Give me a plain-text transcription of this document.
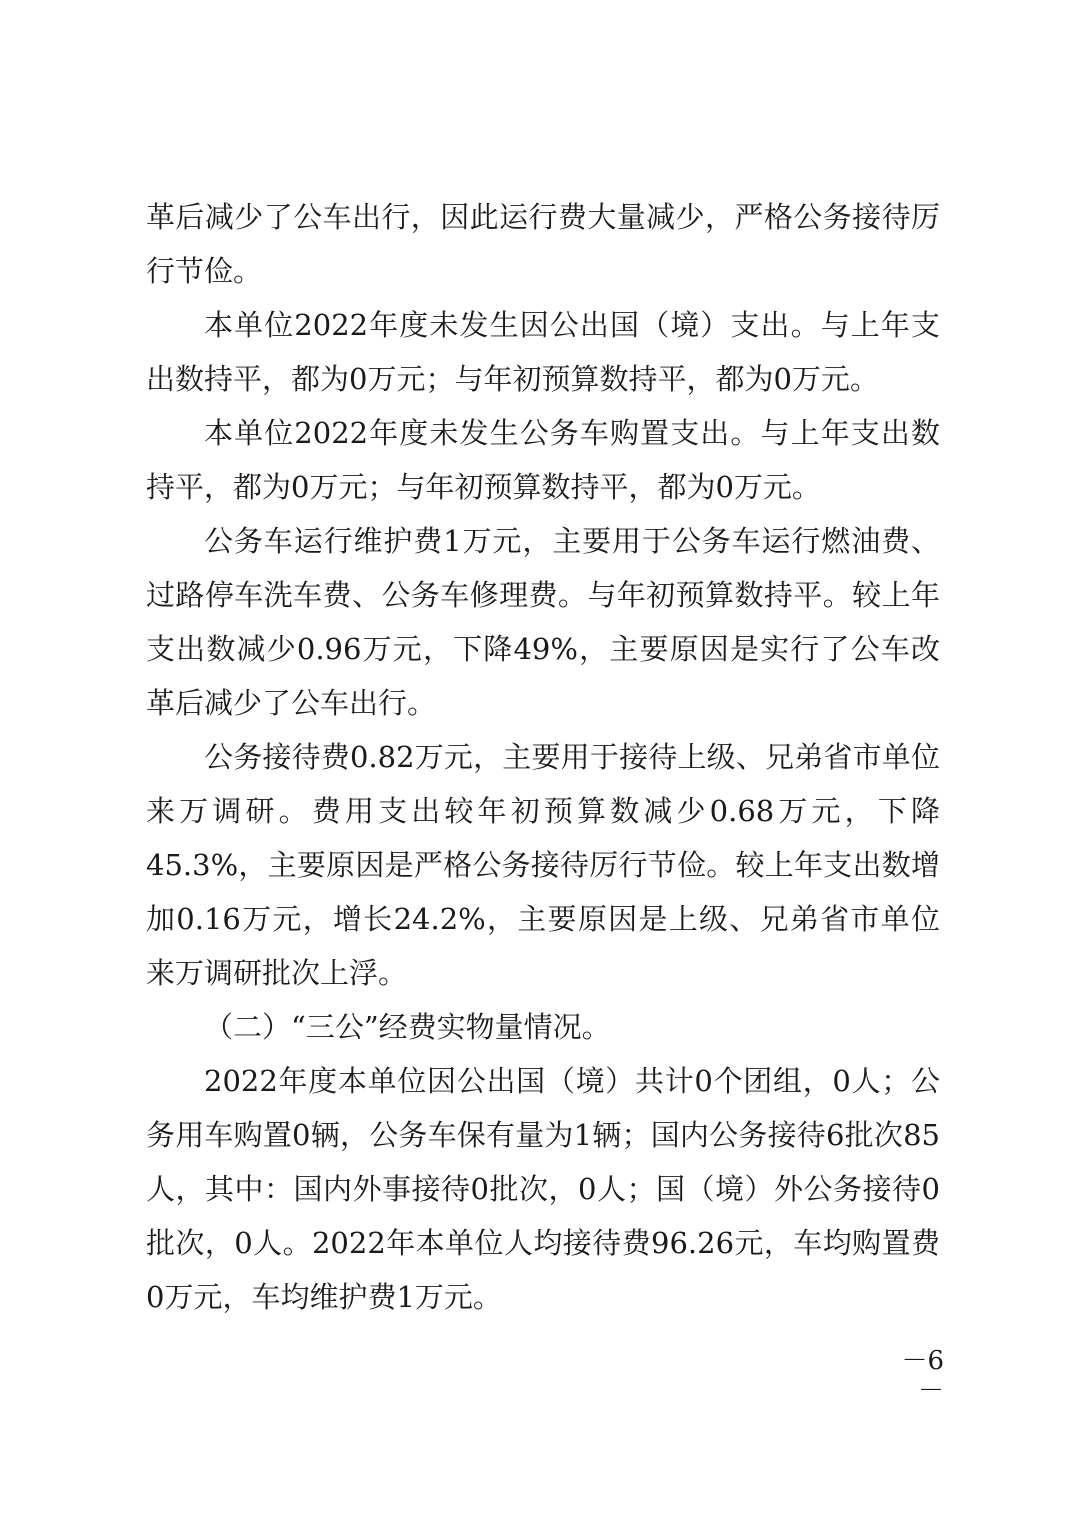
革后减少了公车出行，因此运行费大量减少，严格公务接待厉行节俭。

本单位2022年度未发生因公出国（境）支出。与上年支出数持平，都为0万元；与年初预算数持平，都为0万元。

本单位2022年度未发生公务车购置支出。与上年支出数持平，都为0万元；与年初预算数持平，都为0万元。

公务车运行维护费1万元，主要用于公务车运行燃油费、过路停车洗车费、公务车修理费。与年初预算数持平。较上年支出数减少0.96万元，下降49%，主要原因是实行了公车改革后减少了公车出行。

公务接待费0.82万元，主要用于接待上级、兄弟省市单位来万调研。费用支出较年初预算数减少0.68万元，下降45.3%，主要原因是严格公务接待厉行节俭。较上年支出数增加0.16万元，增长24.2%，主要原因是上级、兄弟省市单位来万调研批次上浮。

（二）“三公”经费实物量情况。

2022年度本单位因公出国（境）共计0个团组，0人；公务用车购置0辆，公务车保有量为1辆；国内公务接待6批次85人，其中：国内外事接待0批次，0人；国（境）外公务接待0批次，0人。2022年本单位人均接待费96.26元，车均购置费0万元，车均维护费1万元。

－6－
